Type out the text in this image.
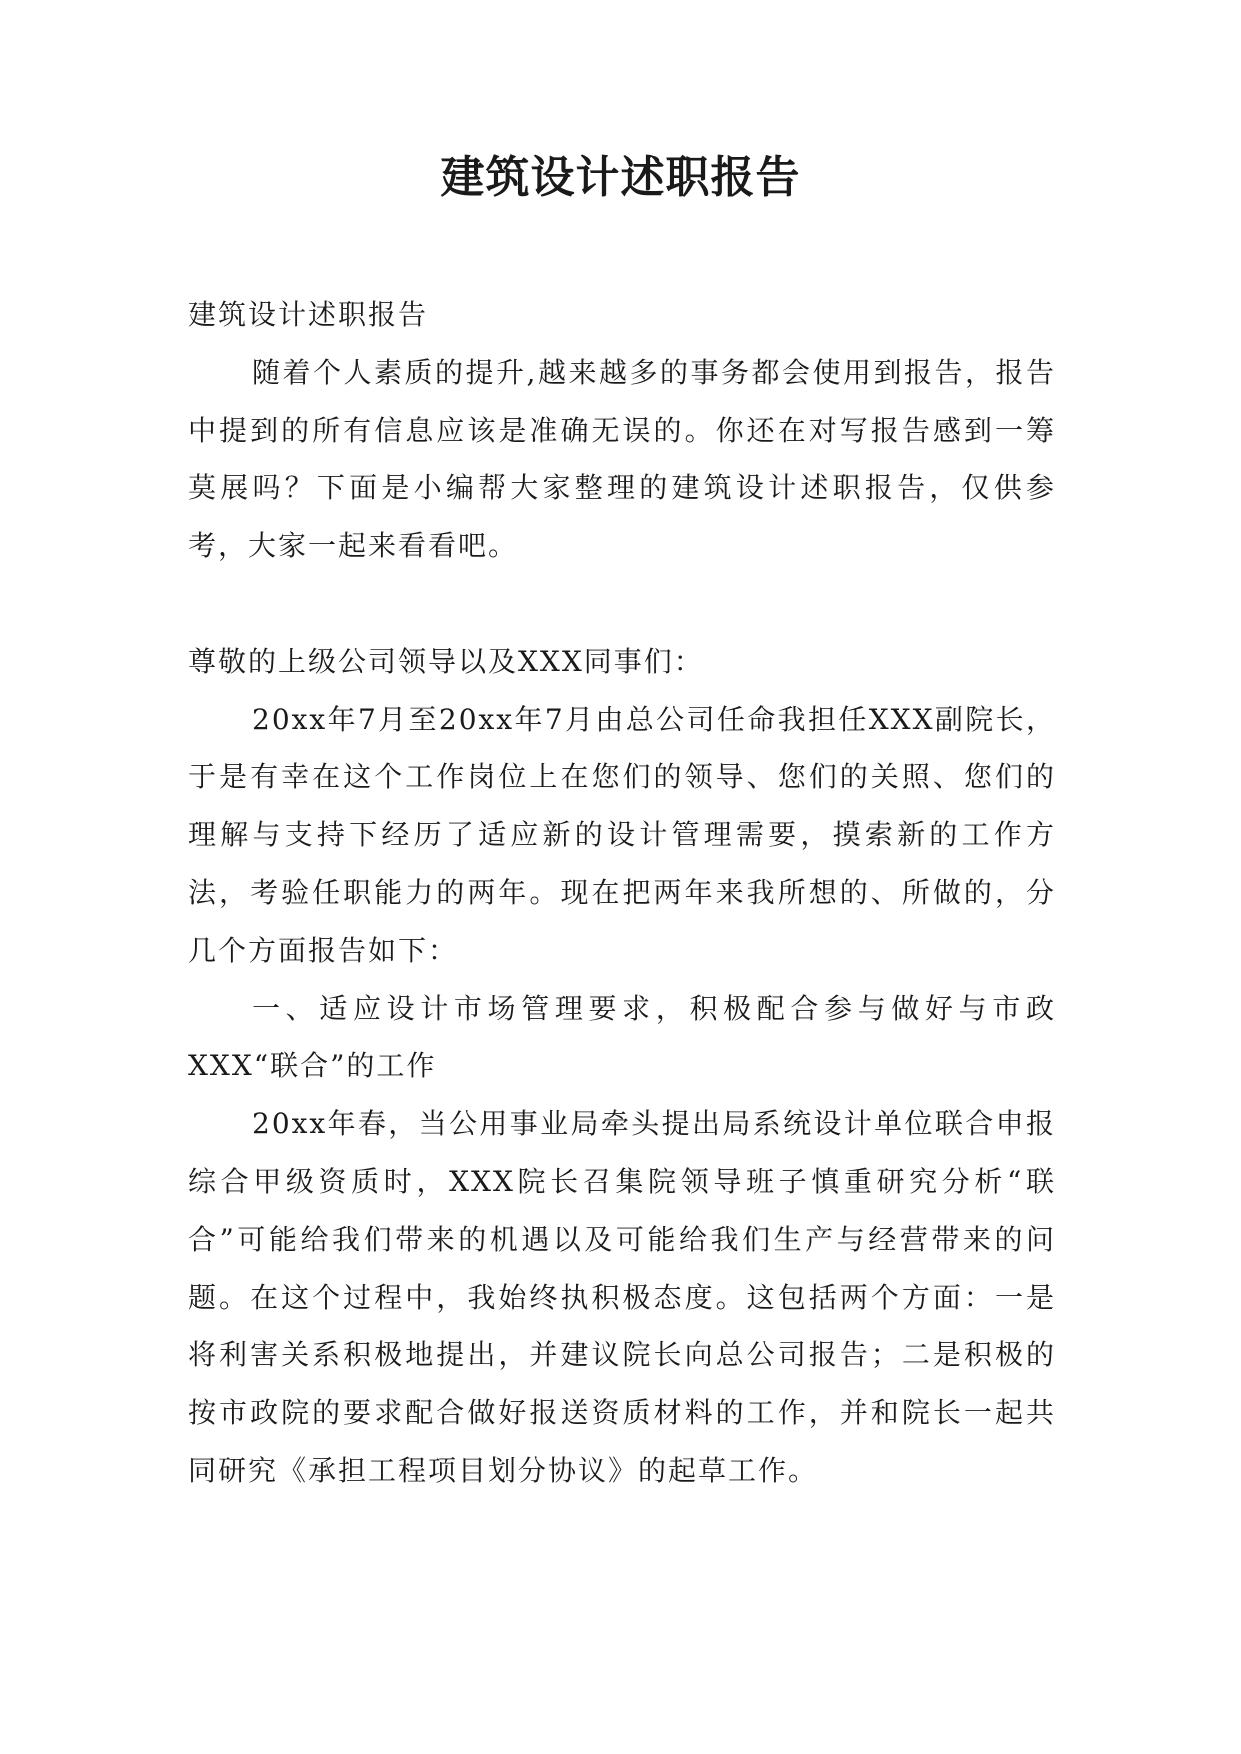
建筑设计述职报告

建筑设计述职报告

随着个人素质的提升,越来越多的事务都会使用到报告，报告中提到的所有信息应该是准确无误的。你还在对写报告感到一筹莫展吗？下面是小编帮大家整理的建筑设计述职报告，仅供参考，大家一起来看看吧。

尊敬的上级公司领导以及XXX同事们：

20xx年7月至20xx年7月由总公司任命我担任XXX副院长，于是有幸在这个工作岗位上在您们的领导、您们的关照、您们的理解与支持下经历了适应新的设计管理需要，摸索新的工作方法，考验任职能力的两年。现在把两年来我所想的、所做的，分几个方面报告如下：

一、适应设计市场管理要求，积极配合参与做好与市政XXX“联合”的工作

20xx年春，当公用事业局牵头提出局系统设计单位联合申报综合甲级资质时，XXX院长召集院领导班子慎重研究分析“联合”可能给我们带来的机遇以及可能给我们生产与经营带来的问题。在这个过程中，我始终执积极态度。这包括两个方面：一是将利害关系积极地提出，并建议院长向总公司报告；二是积极的按市政院的要求配合做好报送资质材料的工作，并和院长一起共同研究《承担工程项目划分协议》的起草工作。
